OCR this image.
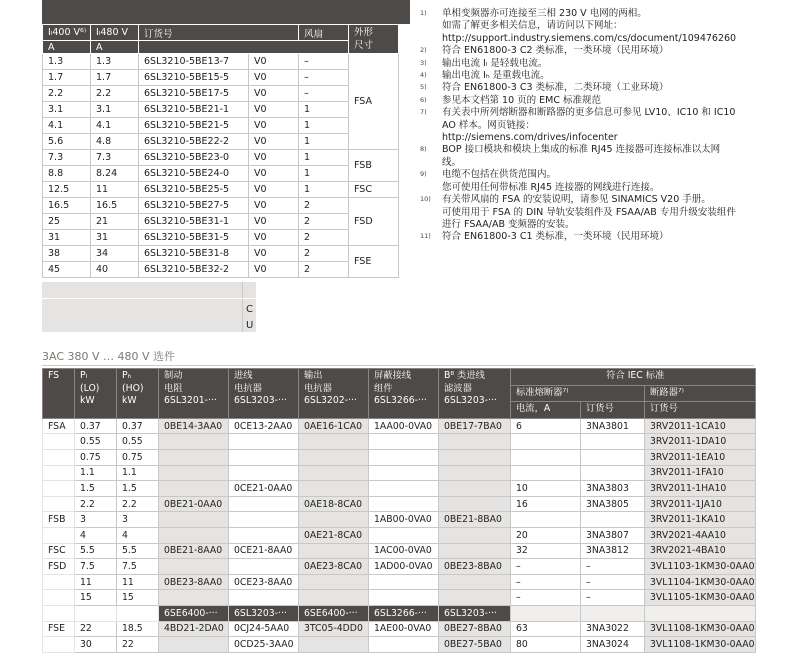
Iₗ400 V⁶⁾	Iₗ480 V	订货号		风扇	外形
尺寸
A	A				
1.3	1.3	6SL3210-5BE13-7	V0	–	FSA
1.7	1.7	6SL3210-5BE15-5	V0	–	
2.2	2.2	6SL3210-5BE17-5	V0	–	
3.1	3.1	6SL3210-5BE21-1	V0	1	
4.1	4.1	6SL3210-5BE21-5	V0	1	
5.6	4.8	6SL3210-5BE22-2	V0	1	
7.3	7.3	6SL3210-5BE23-0	V0	1	FSB
8.8	8.24	6SL3210-5BE24-0	V0	1	
12.5	11	6SL3210-5BE25-5	V0	1	FSC
16.5	16.5	6SL3210-5BE27-5	V0	2	FSD
25	21	6SL3210-5BE31-1	V0	2	
31	31	6SL3210-5BE31-5	V0	2	
38	34	6SL3210-5BE31-8	V0	2	FSE
45	40	6SL3210-5BE32-2	V0	2	
C
U
1)	单相变频器亦可连接至三相 230 V 电网的两相。
如需了解更多相关信息，请访问以下网址：
http://support.industry.siemens.com/cs/document/109476260
2)	符合 EN61800-3 C2 类标准，一类环境（民用环境）
3)	输出电流 Iₗ 是轻载电流。
4)	输出电流 Iₕ 是重载电流。
5)	符合 EN61800-3 C3 类标准，二类环境（工业环境）
6)	参见本文档第 10 页的 EMC 标准规范
7)	有关表中所列熔断器和断路器的更多信息可参见 LV10、IC10 和 IC10
AO 样本。网页链接：
http://siemens.com/drives/infocenter
8)	BOP 接口模块和模块上集成的标准 RJ45 连接器可连接标准以太网
线。
9)	电缆不包括在供货范围内。
您可使用任何带标准 RJ45 连接器的网线进行连接。
10)	有关带风扇的 FSA 的安装说明，请参见 SINAMICS V20 手册。
可使用用于 FSA 的 DIN 导轨安装组件及 FSAA/AB 专用升级安装组件
进行 FSAA/AB 变频器的安装。
11)	符合 EN61800-3 C1 类标准，一类环境（民用环境）
3AC 380 V … 480 V 选件
FS	Pₗ
(LO)
kW	Pₕ
(HO)
kW	制动
电阻
6SL3201-···	进线
电抗器
6SL3203-···	输出
电抗器
6SL3202-···	屏蔽接线
组件
6SL3266-···	B⁸ 类进线
滤波器
6SL3203-···	符合 IEC 标准		
								标准熔断器⁷⁾		断路器⁷⁾
								电流，A	订货号	订货号
FSA	0.37	0.37	0BE14-3AA0	0CE13-2AA0	0AE16-1CA0	1AA00-0VA0	0BE17-7BA0	6	3NA3801	3RV2011-1CA10
	0.55	0.55								3RV2011-1DA10
	0.75	0.75								3RV2011-1EA10
	1.1	1.1								3RV2011-1FA10
	1.5	1.5		0CE21-0AA0				10	3NA3803	3RV2011-1HA10
	2.2	2.2	0BE21-0AA0		0AE18-8CA0			16	3NA3805	3RV2011-1JA10
FSB	3	3				1AB00-0VA0	0BE21-8BA0			3RV2011-1KA10
	4	4			0AE21-8CA0			20	3NA3807	3RV2021-4AA10
FSC	5.5	5.5	0BE21-8AA0	0CE21-8AA0		1AC00-0VA0		32	3NA3812	3RV2021-4BA10
FSD	7.5	7.5			0AE23-8CA0	1AD00-0VA0	0BE23-8BA0	–	–	3VL1103-1KM30-0AA0
	11	11	0BE23-8AA0	0CE23-8AA0				–	–	3VL1104-1KM30-0AA0
	15	15						–	–	3VL1105-1KM30-0AA0
			6SE6400-···	6SL3203-···	6SE6400-···	6SL3266-···	6SL3203-···			
FSE	22	18.5	4BD21-2DA0	0CJ24-5AA0	3TC05-4DD0	1AE00-0VA0	0BE27-8BA0	63	3NA3022	3VL1108-1KM30-0AA0
	30	22		0CD25-3AA0			0BE27-5BA0	80	3NA3024	3VL1108-1KM30-0AA0
